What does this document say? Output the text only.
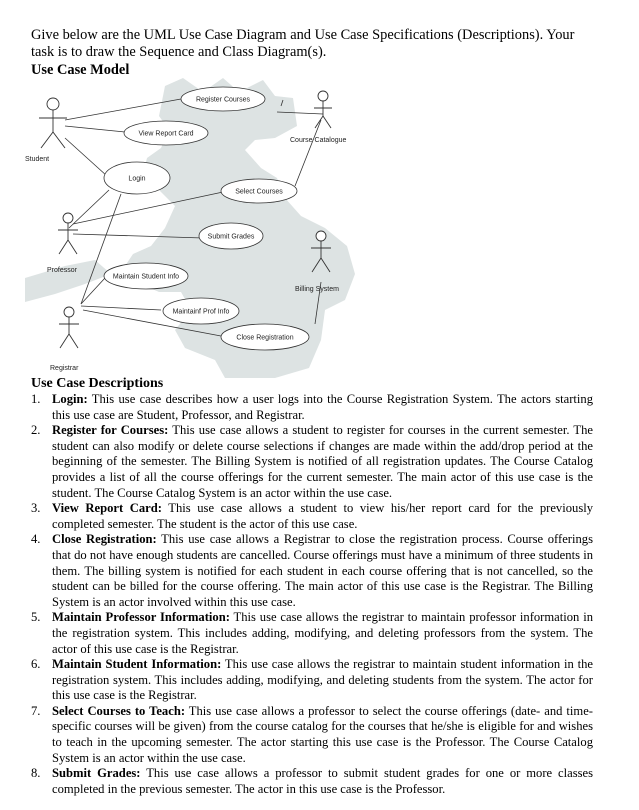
Give below are the UML Use Case Diagram and Use Case Specifications (Descriptions). Your task is to draw the Sequence and Class Diagram(s).
Use Case Model
Register Courses
View Report Card
Login
Select Courses
Submit Grades
Maintain Student Info
Maintainf Prof Info
Close Registration
Student
Course Catalogue
Professor
Billing System
Registrar
Use Case Descriptions
1. Login: This use case describes how a user logs into the Course Registration System. The actors starting this use case are Student, Professor, and Registrar.
2. Register for Courses: This use case allows a student to register for courses in the current semester. The student can also modify or delete course selections if changes are made within the add/drop period at the beginning of the semester. The Billing System is notified of all registration updates. The Course Catalog provides a list of all the course offerings for the current semester. The main actor of this use case is the student. The Course Catalog System is an actor within the use case.
3. View Report Card: This use case allows a student to view his/her report card for the previously completed semester. The student is the actor of this use case.
4. Close Registration: This use case allows a Registrar to close the registration process. Course offerings that do not have enough students are cancelled. Course offerings must have a minimum of three students in them. The billing system is notified for each student in each course offering that is not cancelled, so the student can be billed for the course offering. The main actor of this use case is the Registrar. The Billing System is an actor involved within this use case.
5. Maintain Professor Information: This use case allows the registrar to maintain professor information in the registration system. This includes adding, modifying, and deleting professors from the system. The actor of this use case is the Registrar.
6. Maintain Student Information: This use case allows the registrar to maintain student information in the registration system. This includes adding, modifying, and deleting students from the system. The actor for this use case is the Registrar.
7. Select Courses to Teach: This use case allows a professor to select the course offerings (date- and time- specific courses will be given) from the course catalog for the courses that he/she is eligible for and wishes to teach in the upcoming semester. The actor starting this use case is the Professor. The Course Catalog System is an actor within the use case.
8. Submit Grades: This use case allows a professor to submit student grades for one or more classes completed in the previous semester. The actor in this use case is the Professor.
